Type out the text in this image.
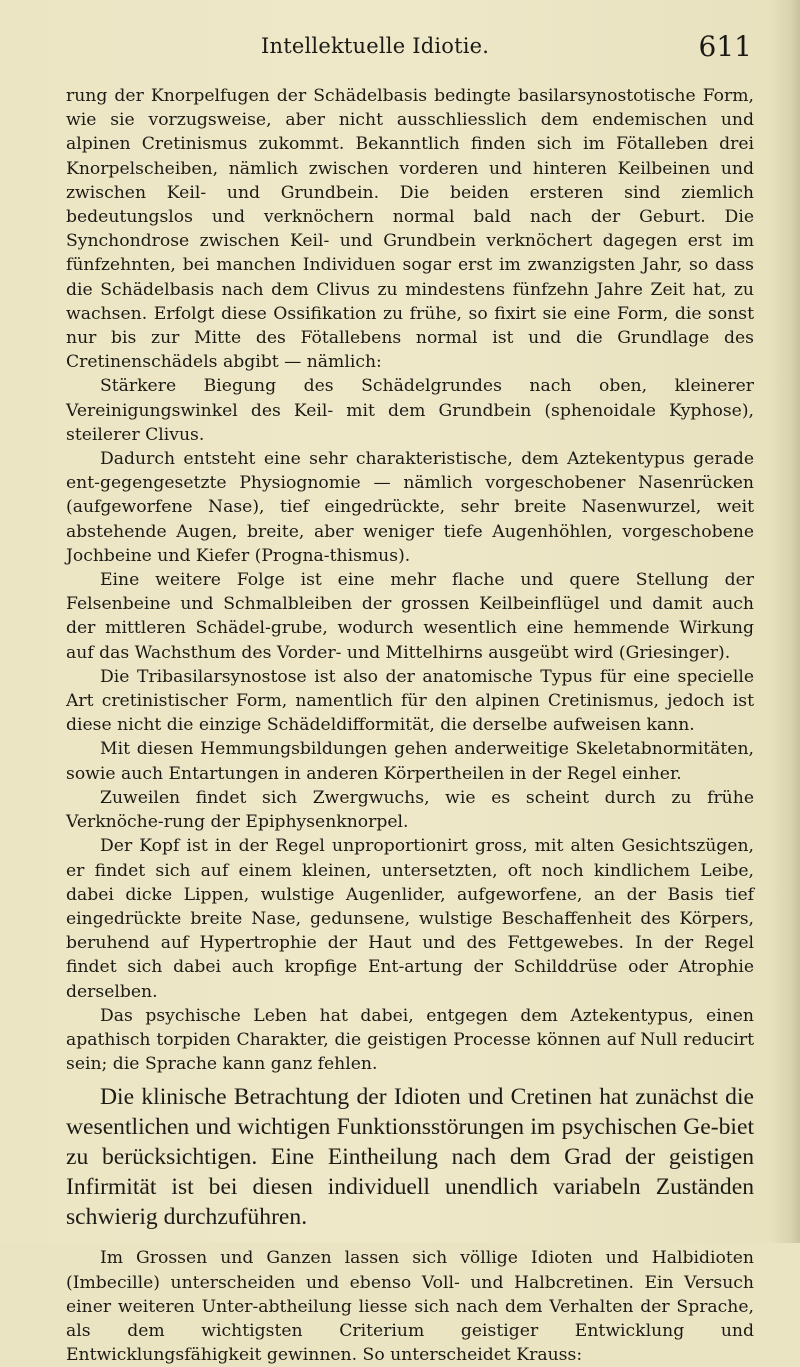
Intellektuelle Idiotie.	611

rung der Knorpelfugen der Schädelbasis bedingte basilarsynostotische Form, wie sie vorzugsweise, aber nicht ausschliesslich dem endemischen und alpinen Cretinismus zukommt. Bekanntlich finden sich im Fötalleben drei Knorpelscheiben, nämlich zwischen vorderen und hinteren Keilbeinen und zwischen Keil- und Grundbein. Die beiden ersteren sind ziemlich bedeutungslos und verknöchern normal bald nach der Geburt. Die Synchondrose zwischen Keil- und Grundbein verknöchert dagegen erst im fünfzehnten, bei manchen Individuen sogar erst im zwanzigsten Jahr, so dass die Schädelbasis nach dem Clivus zu mindestens fünfzehn Jahre Zeit hat, zu wachsen. Erfolgt diese Ossifikation zu frühe, so fixirt sie eine Form, die sonst nur bis zur Mitte des Fötallebens normal ist und die Grundlage des Cretinenschädels abgibt — nämlich:

Stärkere Biegung des Schädelgrundes nach oben, kleinerer Vereinigungswinkel des Keil- mit dem Grundbein (sphenoidale Kyphose), steilerer Clivus.

Dadurch entsteht eine sehr charakteristische, dem Aztekentypus gerade ent-gegengesetzte Physiognomie — nämlich vorgeschobener Nasenrücken (aufgeworfene Nase), tief eingedrückte, sehr breite Nasenwurzel, weit abstehende Augen, breite, aber weniger tiefe Augenhöhlen, vorgeschobene Jochbeine und Kiefer (Progna-thismus).

Eine weitere Folge ist eine mehr flache und quere Stellung der Felsenbeine und Schmalbleiben der grossen Keilbeinflügel und damit auch der mittleren Schädel-grube, wodurch wesentlich eine hemmende Wirkung auf das Wachsthum des Vorder- und Mittelhirns ausgeübt wird (Griesinger).

Die Tribasilarsynostose ist also der anatomische Typus für eine specielle Art cretinistischer Form, namentlich für den alpinen Cretinismus, jedoch ist diese nicht die einzige Schädeldifformität, die derselbe aufweisen kann.

Mit diesen Hemmungsbildungen gehen anderweitige Skeletabnormitäten, sowie auch Entartungen in anderen Körpertheilen in der Regel einher.

Zuweilen findet sich Zwergwuchs, wie es scheint durch zu frühe Verknöche-rung der Epiphysenknorpel.

Der Kopf ist in der Regel unproportionirt gross, mit alten Gesichtszügen, er findet sich auf einem kleinen, untersetzten, oft noch kindlichem Leibe, dabei dicke Lippen, wulstige Augenlider, aufgeworfene, an der Basis tief eingedrückte breite Nase, gedunsene, wulstige Beschaffenheit des Körpers, beruhend auf Hypertrophie der Haut und des Fettgewebes. In der Regel findet sich dabei auch kropfige Ent-artung der Schilddrüse oder Atrophie derselben.

Das psychische Leben hat dabei, entgegen dem Aztekentypus, einen apathisch torpiden Charakter, die geistigen Processe können auf Null reducirt sein; die Sprache kann ganz fehlen.

Die klinische Betrachtung der Idioten und Cretinen hat zunächst die wesentlichen und wichtigen Funktionsstörungen im psychischen Ge-biet zu berücksichtigen. Eine Eintheilung nach dem Grad der geistigen Infirmität ist bei diesen individuell unendlich variabeln Zuständen schwierig durchzuführen.

Im Grossen und Ganzen lassen sich völlige Idioten und Halbidioten (Imbecille) unterscheiden und ebenso Voll- und Halbcretinen. Ein Versuch einer weiteren Unter-abtheilung liesse sich nach dem Verhalten der Sprache, als dem wichtigsten Criterium geistiger Entwicklung und Entwicklungsfähigkeit gewinnen. So unterscheidet Krauss:
